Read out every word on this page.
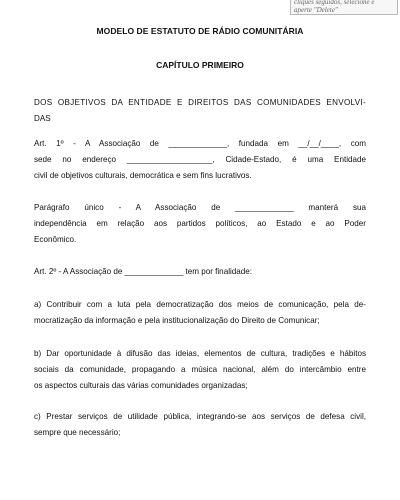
cliques seguidos, selecione e
aperte "Delete"
MODELO DE ESTATUTO DE RÁDIO COMUNITÁRIA
CAPÍTULO PRIMEIRO
DOS OBJETIVOS DA ENTIDADE E DIREITOS DAS COMUNIDADES ENVOLVI-
DAS
Art. 1º - A Associação de _____________, fundada em __/__/____, com
sede no endereço ___________________, Cidade-Estado, é uma Entidade
civil de objetivos culturais, democrática e sem fins lucrativos.
Parágrafo único - A Associação de _____________ manterá sua
independência em relação aos partidos políticos, ao Estado e ao Poder
Econômico.
Art. 2º - A Associação de _____________ tem por finalidade:
a) Contribuir com a luta pela democratização dos meios de comunicação, pela de-
mocratização da informação e pela institucionalização do Direito de Comunicar;
b) Dar oportunidade à difusão das ideias, elementos de cultura, tradições e hábitos
sociais da comunidade, propagando a música nacional, além do intercâmbio entre
os aspectos culturais das várias comunidades organizadas;
c) Prestar serviços de utilidade pública, integrando-se aos serviços de defesa civil,
sempre que necessário;
